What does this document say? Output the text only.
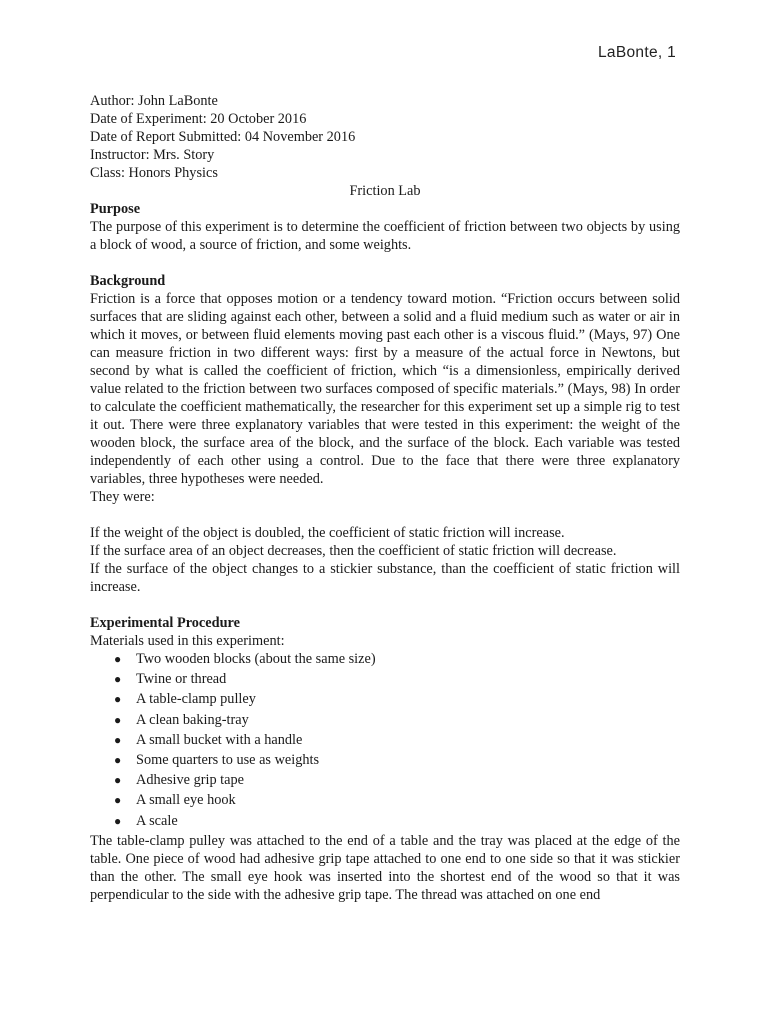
LaBonte, 1
Author: John LaBonte
Date of Experiment: 20 October 2016
Date of Report Submitted: 04 November 2016
Instructor: Mrs. Story
Class: Honors Physics
Friction Lab
Purpose
The purpose of this experiment is to determine the coefficient of friction between two objects by using a block of wood, a source of friction, and some weights.
Background
Friction is a force that opposes motion or a tendency toward motion. “Friction occurs between solid surfaces that are sliding against each other, between a solid and a fluid medium such as water or air in which it moves, or between fluid elements moving past each other is a viscous fluid.” (Mays, 97) One can measure friction in two different ways: first by a measure of the actual force in Newtons, but second by what is called the coefficient of friction, which “is a dimensionless, empirically derived value related to the friction between two surfaces composed of specific materials.” (Mays, 98) In order to calculate the coefficient mathematically, the researcher for this experiment set up a simple rig to test it out. There were three explanatory variables that were tested in this experiment: the weight of the wooden block, the surface area of the block, and the surface of the block. Each variable was tested independently of each other using a control. Due to the face that there were three explanatory variables, three hypotheses were needed.
They were:
If the weight of the object is doubled, the coefficient of static friction will increase.
If the surface area of an object decreases, then the coefficient of static friction will decrease.
If the surface of the object changes to a stickier substance, than the coefficient of static friction will increase.
Experimental Procedure
Materials used in this experiment:
●	Two wooden blocks (about the same size)
●	Twine or thread
●	A table-clamp pulley
●	A clean baking-tray
●	A small bucket with a handle
●	Some quarters to use as weights
●	Adhesive grip tape
●	A small eye hook
●	A scale
The table-clamp pulley was attached to the end of a table and the tray was placed at the edge of the table. One piece of wood had adhesive grip tape attached to one end to one side so that it was stickier than the other. The small eye hook was inserted into the shortest end of the wood so that it was perpendicular to the side with the adhesive grip tape. The thread was attached on one end
